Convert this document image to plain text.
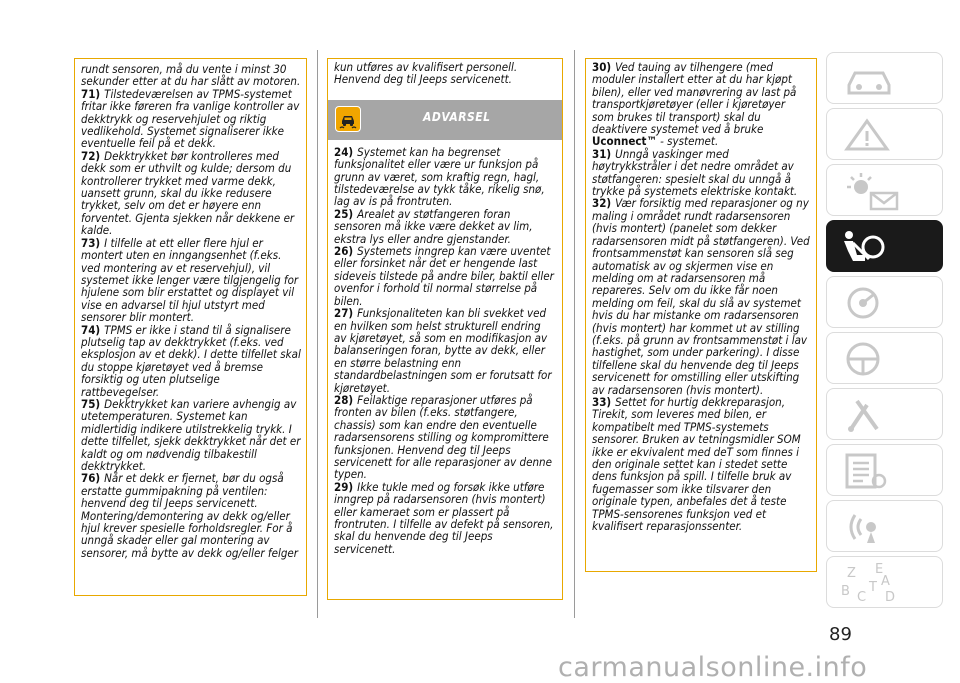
rundt sensoren, må du vente i minst 30 sekunder etter at du har slått av motoren.

71) Tilstedeværelsen av TPMS-systemet fritar ikke føreren fra vanlige kontroller av dekktrykk og reservehjulet og riktig vedlikehold. Systemet signaliserer ikke eventuelle feil på et dekk.

72) Dekktrykket bør kontrolleres med dekk som er uthvilt og kulde; dersom du kontrollerer trykket med varme dekk, uansett grunn, skal du ikke redusere trykket, selv om det er høyere enn forventet. Gjenta sjekken når dekkene er kalde.

73) I tilfelle at ett eller flere hjul er montert uten en inngangsenhet (f.eks. ved montering av et reservehjul), vil systemet ikke lenger være tilgjengelig for hjulene som blir erstattet og displayet vil vise en advarsel til hjul utstyrt med sensorer blir montert.

74) TPMS er ikke i stand til å signalisere plutselig tap av dekktrykket (f.eks. ved eksplosjon av et dekk). I dette tilfellet skal du stoppe kjøretøyet ved å bremse forsiktig og uten plutselige rattbevegelser.

75) Dekktrykket kan variere avhengig av utetemperaturen. Systemet kan midlertidig indikere utilstrekkelig trykk. I dette tilfellet, sjekk dekktrykket når det er kaldt og om nødvendig tilbakestill dekktrykket.

76) Når et dekk er fjernet, bør du også erstatte gummipakning på ventilen: henvend deg til Jeeps servicenett. Montering/demontering av dekk og/eller hjul krever spesielle forholdsregler. For å unngå skader eller gal montering av sensorer, må bytte av dekk og/eller felger

kun utføres av kvalifisert personell. Henvend deg til Jeeps servicenett.

ADVARSEL

24) Systemet kan ha begrenset funksjonalitet eller være ur funksjon på grunn av været, som kraftig regn, hagl, tilstedeværelse av tykk tåke, rikelig snø, lag av is på frontruten.

25) Arealet av støtfangeren foran sensoren må ikke være dekket av lim, ekstra lys eller andre gjenstander.

26) Systemets inngrep kan være uventet eller forsinket når det er hengende last sideveis tilstede på andre biler, baktil eller ovenfor i forhold til normal størrelse på bilen.

27) Funksjonaliteten kan bli svekket ved en hvilken som helst strukturell endring av kjøretøyet, så som en modifikasjon av balanseringen foran, bytte av dekk, eller en større belastning enn standardbelastningen som er forutsatt for kjøretøyet.

28) Feilaktige reparasjoner utføres på fronten av bilen (f.eks. støtfangere, chassis) som kan endre den eventuelle radarsensorens stilling og kompromittere funksjonen. Henvend deg til Jeeps servicenett for alle reparasjoner av denne typen.

29) Ikke tukle med og forsøk ikke utføre inngrep på radarsensoren (hvis montert) eller kameraet som er plassert på frontruten. I tilfelle av defekt på sensoren, skal du henvende deg til Jeeps servicenett.

30) Ved tauing av tilhengere (med moduler installert etter at du har kjøpt bilen), eller ved manøvrering av last på transportkjøretøyer (eller i kjøretøyer som brukes til transport) skal du deaktivere systemet ved å bruke Uconnect™ - systemet.

31) Unngå vaskinger med høytrykkstråler i det nedre området av støtfangeren: spesielt skal du unngå å trykke på systemets elektriske kontakt.

32) Vær forsiktig med reparasjoner og ny maling i området rundt radarsensoren (hvis montert) (panelet som dekker radarsensoren midt på støtfangeren). Ved frontsammenstøt kan sensoren slå seg automatisk av og skjermen vise en melding om at radarsensoren må repareres. Selv om du ikke får noen melding om feil, skal du slå av systemet hvis du har mistanke om radarsensoren (hvis montert) har kommet ut av stilling (f.eks. på grunn av frontsammenstøt i lav hastighet, som under parkering). I disse tilfellene skal du henvende deg til Jeeps servicenett for omstilling eller utskifting av radarsensoren (hvis montert).

33) Settet for hurtig dekkreparasjon, Tirekit, som leveres med bilen, er kompatibelt med TPMS-systemets sensorer. Bruken av tetningsmidler SOM ikke er ekvivalent med deT som finnes i den originale settet kan i stedet sette dens funksjon på spill. I tilfelle bruk av fugemasser som ikke tilsvarer den originale typen, anbefales det å teste TPMS-sensorenes funksjon ved et kvalifisert reparasjonssenter.

Z E
B C
T A
D
89
carmanualsonline.info
